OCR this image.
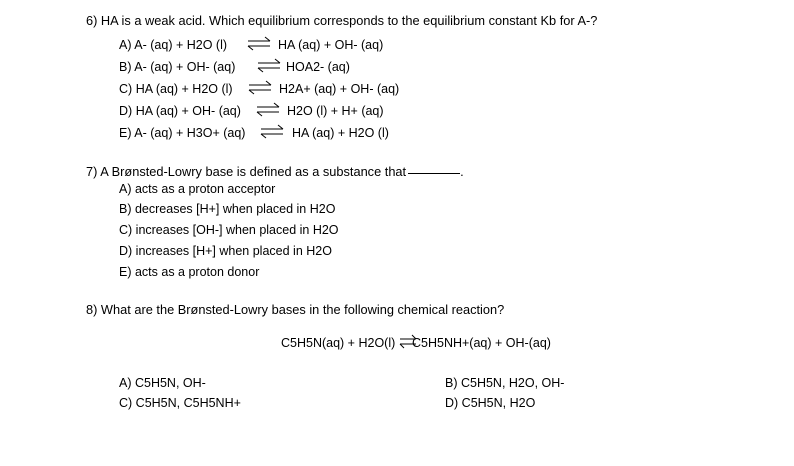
6) HA is a weak acid. Which equilibrium corresponds to the equilibrium constant Kb for A-?
A) A- (aq) + H2O (l) ⇌ HA (aq) + OH- (aq)
B) A- (aq) + OH- (aq) ⇌ HOA2- (aq)
C) HA (aq) + H2O (l) ⇌ H2A+ (aq) + OH- (aq)
D) HA (aq) + OH- (aq) ⇌ H2O (l) + H+ (aq)
E) A- (aq) + H3O+ (aq) ⇌ HA (aq) + H2O (l)
7) A Brønsted-Lowry base is defined as a substance that	.
A) acts as a proton acceptor
B) decreases [H+] when placed in H2O
C) increases [OH-] when placed in H2O
D) increases [H+] when placed in H2O
E) acts as a proton donor
8) What are the Brønsted-Lowry bases in the following chemical reaction?
C5H5N(aq) + H2O(l) ⇌
C5H5NH+(aq) + OH-(aq)
A) C5H5N, OH-	B) C5H5N, H2O, OH-
C) C5H5N, C5H5NH+	D) C5H5N, H2O
